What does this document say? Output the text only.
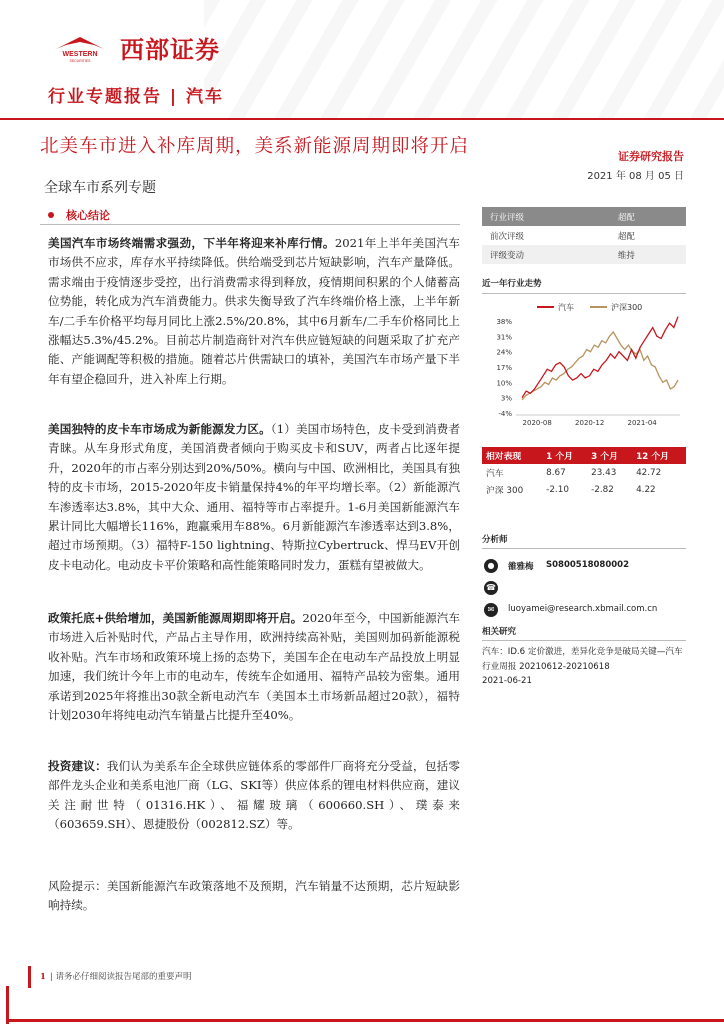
WESTERN
SECURITIES 西部证券
行业专题报告 | 汽车
北美车市进入补库周期，美系新能源周期即将开启	证券研究报告
2021 年 08 月 05 日
全球车市系列专题
核心结论
美国汽车市场终端需求强劲，下半年将迎来补库行情。2021年上半年美国汽车市场供不应求，库存水平持续降低。供给端受到芯片短缺影响，汽车产量降低。需求端由于疫情逐步受控，出行消费需求得到释放，疫情期间积累的个人储蓄高位势能，转化成为汽车消费能力。供求失衡导致了汽车终端价格上涨，上半年新车/二手车价格平均每月同比上涨2.5%/20.8%，其中6月新车/二手车价格同比上涨幅达5.3%/45.2%。目前芯片制造商针对汽车供应链短缺的问题采取了扩充产能、产能调配等积极的措施。随着芯片供需缺口的填补，美国汽车市场产量下半年有望企稳回升，进入补库上行期。
美国独特的皮卡车市场成为新能源发力区。（1）美国市场特色，皮卡受到消费者青睐。从车身形式角度，美国消费者倾向于购买皮卡和SUV，两者占比逐年提升，2020年的市占率分别达到20%/50%。横向与中国、欧洲相比，美国具有独特的皮卡市场，2015-2020年皮卡销量保持4%的年平均增长率。（2）新能源汽车渗透率达3.8%，其中大众、通用、福特等市占率提升。1-6月美国新能源汽车累计同比大幅增长116%，跑赢乘用车88%。6月新能源汽车渗透率达到3.8%，超过市场预期。（3）福特F-150 lightning、特斯拉Cybertruck、悍马EV开创皮卡电动化。电动皮卡平价策略和高性能策略同时发力，蛋糕有望被做大。
政策托底+供给增加，美国新能源周期即将开启。2020年至今，中国新能源汽车市场进入后补贴时代，产品占主导作用，欧洲持续高补贴，美国则加码新能源税收补贴。汽车市场和政策环境上扬的态势下，美国车企在电动车产品投放上明显加速，我们统计今年上市的电动车，传统车企如通用、福特产品较为密集。通用承诺到2025年将推出30款全新电动汽车（美国本土市场新品超过20款），福特计划2030年将纯电动汽车销量占比提升至40%。
投资建议：我们认为美系车企全球供应链体系的零部件厂商将充分受益，包括零部件龙头企业和美系电池厂商（LG、SKI等）供应体系的锂电材料供应商，建议关注耐世特（01316.HK）、福耀玻璃（600660.SH）、璞泰来（603659.SH）、恩捷股份（002812.SZ）等。
风险提示：美国新能源汽车政策落地不及预期，汽车销量不达预期，芯片短缺影响持续。
行业评级	超配
前次评级	超配
评级变动	维持
近一年行业走势
汽车	沪深300
38%
31%
24%
17%
10%
3%
-4%
2020-08	2020-12	2021-04
相对表现	1 个月	3 个月	12 个月
汽车	8.67	23.43	42.72
沪深 300	-2.10	-2.82	4.22
分析师
●	雒雅梅 S0800518080002
☎
✉	luoyamei@research.xbmail.com.cn
相关研究
汽车：ID.6 定价激进，差异化竞争是破局关键—汽车行业周报 20210612-20210618
2021-06-21
1 | 请务必仔细阅读报告尾部的重要声明
